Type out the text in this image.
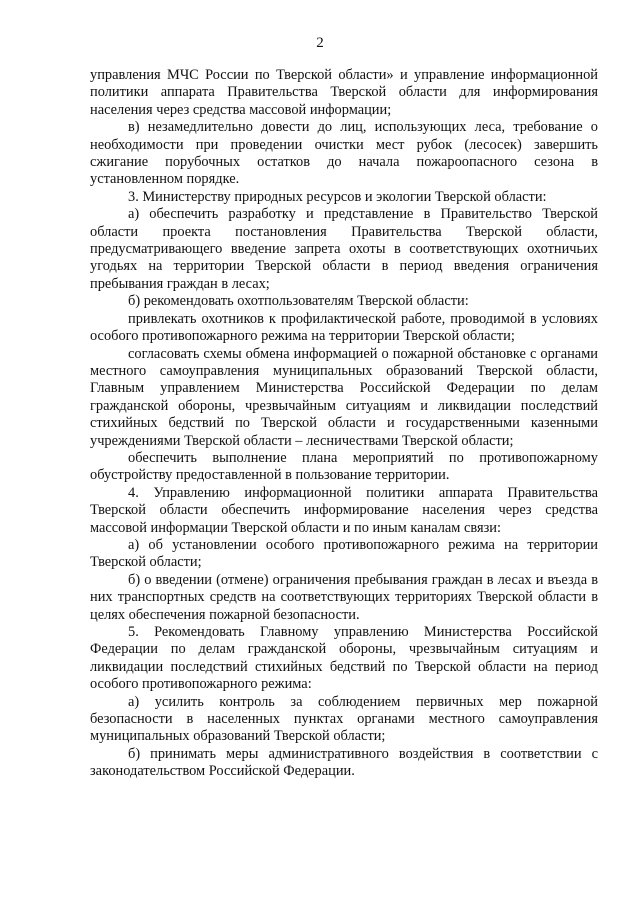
2

управления МЧС России по Тверской области» и управление информационной политики аппарата Правительства Тверской области для информирования населения через средства массовой информации;

в) незамедлительно довести до лиц, использующих леса, требование о необходимости при проведении очистки мест рубок (лесосек) завершить сжигание порубочных остатков до начала пожароопасного сезона в установленном порядке.

3. Министерству природных ресурсов и экологии Тверской области:

а) обеспечить разработку и представление в Правительство Тверской области проекта постановления Правительства Тверской области, предусматривающего введение запрета охоты в соответствующих охотничьих угодьях на территории Тверской области в период введения ограничения пребывания граждан в лесах;

б) рекомендовать охотпользователям Тверской области:

привлекать охотников к профилактической работе, проводимой в условиях особого противопожарного режима на территории Тверской области;

согласовать схемы обмена информацией о пожарной обстановке с органами местного самоуправления муниципальных образований Тверской области, Главным управлением Министерства Российской Федерации по делам гражданской обороны, чрезвычайным ситуациям и ликвидации последствий стихийных бедствий по Тверской области и государственными казенными учреждениями Тверской области – лесничествами Тверской области;

обеспечить выполнение плана мероприятий по противопожарному обустройству предоставленной в пользование территории.

4. Управлению информационной политики аппарата Правительства Тверской области обеспечить информирование населения через средства массовой информации Тверской области и по иным каналам связи:

а) об установлении особого противопожарного режима на территории Тверской области;

б) о введении (отмене) ограничения пребывания граждан в лесах и въезда в них транспортных средств на соответствующих территориях Тверской области в целях обеспечения пожарной безопасности.

5. Рекомендовать Главному управлению Министерства Российской Федерации по делам гражданской обороны, чрезвычайным ситуациям и ликвидации последствий стихийных бедствий по Тверской области на период особого противопожарного режима:

а) усилить контроль за соблюдением первичных мер пожарной безопасности в населенных пунктах органами местного самоуправления муниципальных образований Тверской области;

б) принимать меры административного воздействия в соответствии с законодательством Российской Федерации.
